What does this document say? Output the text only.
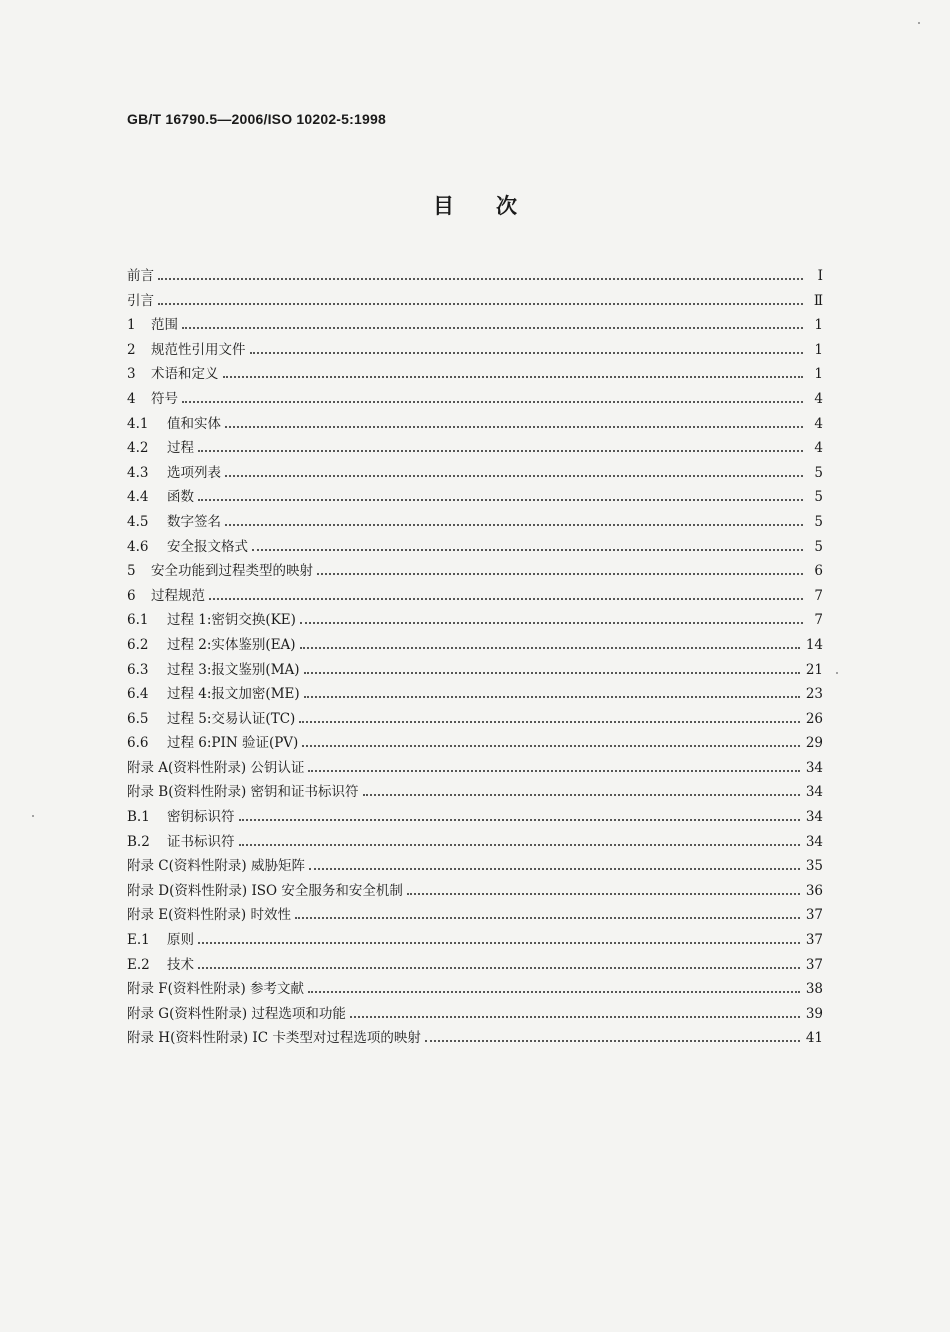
GB/T 16790.5—2006/ISO 10202-5:1998
目次
前言	Ⅰ
引言	Ⅱ
1 范围	1
2 规范性引用文件	1
3 术语和定义	1
4 符号	4
4.1 值和实体	4
4.2 过程	4
4.3 选项列表	5
4.4 函数	5
4.5 数字签名	5
4.6 安全报文格式	5
5 安全功能到过程类型的映射	6
6 过程规范	7
6.1 过程 1:密钥交换(KE)	7
6.2 过程 2:实体鉴别(EA)	14
6.3 过程 3:报文鉴别(MA)	21
6.4 过程 4:报文加密(ME)	23
6.5 过程 5:交易认证(TC)	26
6.6 过程 6:PIN 验证(PV)	29
附录 A(资料性附录) 公钥认证	34
附录 B(资料性附录) 密钥和证书标识符	34
B.1 密钥标识符	34
B.2 证书标识符	34
附录 C(资料性附录) 威胁矩阵	35
附录 D(资料性附录) ISO 安全服务和安全机制	36
附录 E(资料性附录) 时效性	37
E.1 原则	37
E.2 技术	37
附录 F(资料性附录) 参考文献	38
附录 G(资料性附录) 过程选项和功能	39
附录 H(资料性附录) IC 卡类型对过程选项的映射	41
